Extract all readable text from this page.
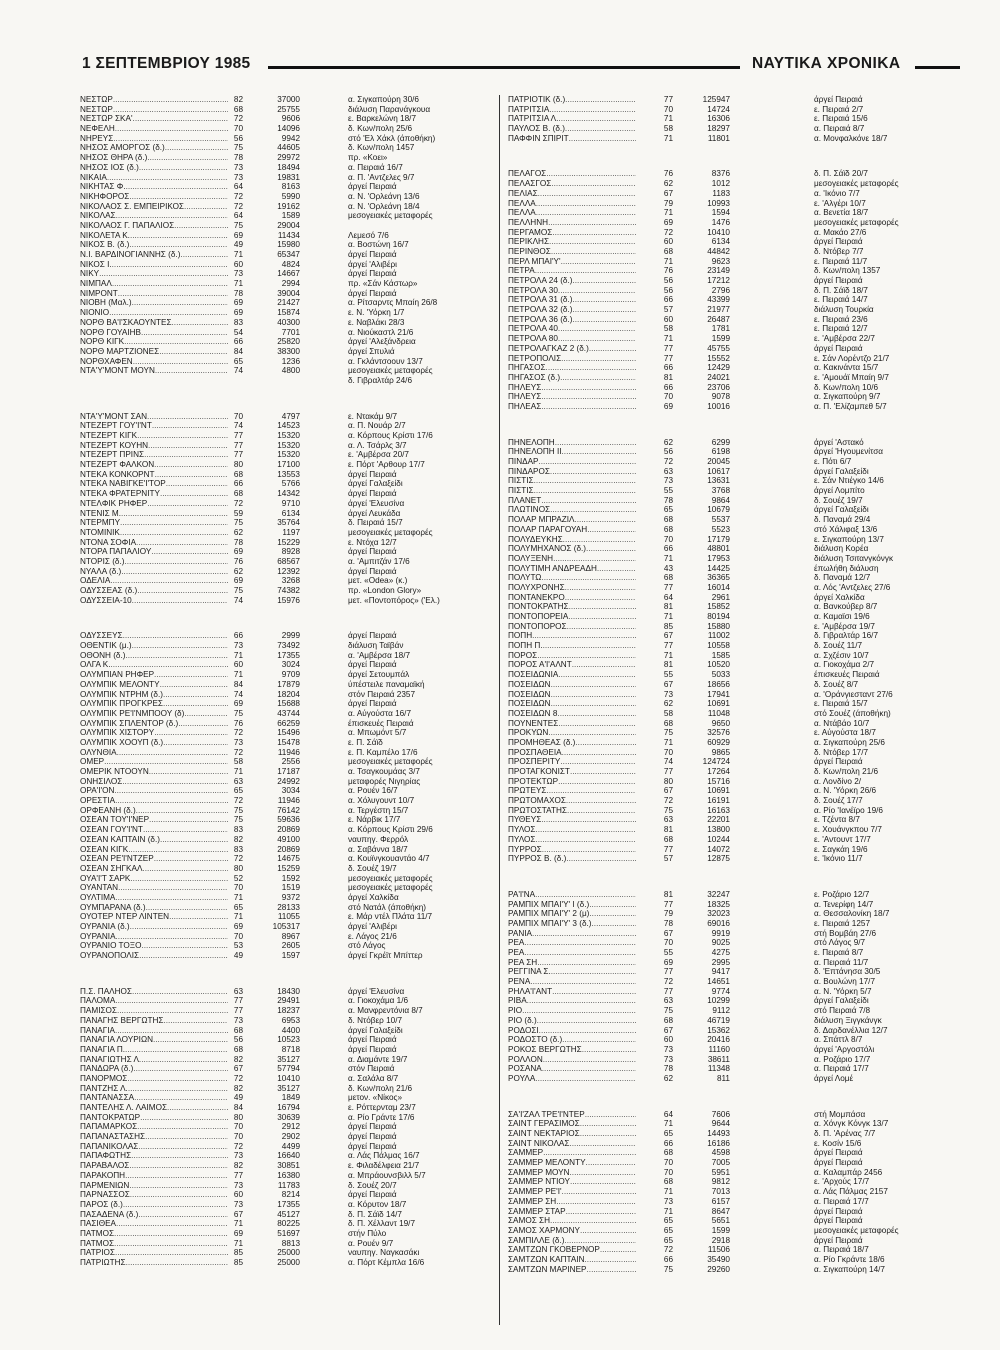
1 ΣΕΠΤΕΜΒΡΙΟΥ 1985	ΝΑΥΤΙΚΑ ΧΡΟΝΙΚΑ
ΝΕΣΤΩΡ .....	82	37000	α. Σιγκαπούρη 30/6
ΝΕΣΤΩΡ .....	68	25755	διάλυση Παρανάγκουα
ΝΕΣΤΩΡ ΣΚΑ' .....	72	9606	ε. Βαρκελώνη 18/7
ΝΕΦΕΛΗ .....	70	14096	δ. Κων/πολη 25/6
ΝΗΡΕΥΣ .....	56	9942	στό 'Ελ Χάκλ (άποθήκη)
ΝΗΣΟΣ ΑΜΟΡΓΟΣ (δ.) .....	75	44605	δ. Κων/πολη 1457
ΝΗΣΟΣ ΘΗΡΑ (δ.) .....	78	29972	πρ. «Κοει»
ΝΗΣΟΣ ΙΟΣ (δ.) .....	73	18494	α. Πειραιά 16/7
ΝΙΚΑΙΑ .....	73	19831	α. Π. 'Αντζελες 9/7
ΝΙΚΗΤΑΣ Φ. .....	64	8163	άργεί Πειραιά
ΝΙΚΗΦΟΡΟΣ .....	72	5990	α. Ν. 'Ορλεάνη 13/6
ΝΙΚΟΛΑΟΣ Σ. ΕΜΠΕΙΡΙΚΟΣ .....	72	19162	α. Ν. 'Ορλεάνη 18/4
ΝΙΚΟΛΑΣ .....	64	1589	μεσογειακές μεταφορές
ΝΙΚΟΛΑΟΣ Γ. ΠΑΠΑΛΙΟΣ .....	75	29004
ΝΙΚΟΛΕΤΑ Κ. .....	69	11434	Λεμεσό 7/6
ΝΙΚΟΣ Β. (δ.) .....	49	15980	α. Βοστώνη 16/7
Ν.Ι. ΒΑΡΔΙΝΟΓΙΑΝΝΗΣ (δ.) .....	71	65347	άργεί Πειραιά
ΝΙΚΟΣ Ι. .....	60	4824	άργεί 'Αλιβέρι
ΝΙΚΥ .....	73	14667	άργεί Πειραιά
ΝΙΜΠΑΛ .....	71	2994	πρ. «Σάν Κάστωρ»
ΝΙΜΡΟΝΤ .....	78	39004	άργεί Πειραιά
ΝΙΟΒΗ (Μαλ.) .....	69	21427	α. Ρίτσαρντς Μπαίη 26/8
ΝΙΟΝΙΟ .....	69	15874	ε. Ν. 'Υόρκη 1/7
ΝΟΡΘ ΒΑ'Ι'ΣΚΑΟΥΝΤΕΣ .....	83	40300	ε. Ναβλάκι 28/3
ΝΟΡΘ ΓΟΥΑΙΗΒ .....	54	7701	α. Νιούκαστλ 21/6
ΝΟΡΘ ΚΙΓΚ .....	66	25820	άργεί 'Αλεξάνδρεια
ΝΟΡΘ ΜΑΡΤΖΙΟΝΕΣ .....	84	38300	άργεί Σπυλιά
ΝΟΡΘΧΑΦΕΝ .....	65	1236	α. Γκλάντσοουν 13/7
ΝΤΑ'Υ'ΜΟΝΤ ΜΟΥΝ .....	74	4800	μεσογειακές μεταφορές
δ. Γιβραλτάρ 24/6
ΝΤΑ'Υ'ΜΟΝΤ ΣΑΝ .....	70	4797	ε. Ντακάμ 9/7
ΝΤΕΖΕΡΤ ΓΟΥ'Ι'ΝΤ .....	74	14523	α. Π. Νουάρ 2/7
ΝΤΕΖΕΡΤ ΚΙΓΚ .....	77	15320	α. Κόρπους Κρίστι 17/6
ΝΤΕΖΕΡΤ ΚΟΥΗΝ .....	77	15320	α. Λ. Τσάρλς 3/7
ΝΤΕΖΕΡΤ ΠΡΙΝΣ .....	77	15320	ε. 'Αμβέρσα 20/7
ΝΤΕΖΕΡΤ ΦΑΛΚΟΝ .....	80	17100	ε. Πόρτ 'Αρθουρ 17/7
ΝΤΕΚΑ ΚΟΝΚΟΡΝΤ .....	68	13553	άργεί Πειραιά
ΝΤΕΚΑ ΝΑΒΙΓΚΕ'Ι'ΤΟΡ .....	66	5766	άργεί Γαλαξείδι
ΝΤΕΚΑ ΦΡΑΤΕΡΝΙΤΥ .....	68	14342	άργεί Πειραιά
ΝΤΕΛΦΙΚ ΡΗΦΕΡ .....	72	9710	άργεί 'Ελευσίνα
ΝΤΕΝΙΣ Μ. .....	59	6134	άργεί Λευκάδα
ΝΤΕΡΜΠΥ .....	75	35764	δ. Πειραιά 15/7
ΝΤΟΜΙΝΙΚ .....	62	1197	μεσογειακές μεταφορές
ΝΤΟΝΑ ΣΟΦΙΑ .....	78	15229	ε. Ντόχα 12/7
ΝΤΟΡΑ ΠΑΠΑΛΙΟΥ .....	69	8928	άργεί Πειραιά
ΝΤΟΡΙΣ (δ.) .....	76	68567	α. 'Αμπιτζάν 17/6
ΝΥΑΛΑ (δ.) .....	62	12392	άργεί Πειραιά
ΟΔΕΛΙΑ .....	69	3268	μετ. «Οdea» (κ.)
ΟΔΥΣΣΕΑΣ (δ.) .....	75	74382	πρ. «London Glory»
ΟΔΥΣΣΕΙΑ-10 .....	74	15976	μετ. «Ποντοπόρος» ('Ελ.)
ΟΔΥΣΣΕΥΣ .....	66	2999	άργεί Πειραιά
ΟΘΕΝΤΙΚ (μ.) .....	73	73492	διάλυση Ταϊβάν
ΟΘΟΝΗ (δ.) .....	71	17355	α. 'Αμβέρσα 18/7
ΟΛΓΑ Κ. .....	60	3024	άργεί Πειραιά
ΟΛΥΜΠΙΑΝ ΡΗΦΕΡ .....	71	9709	άργεί Σετουμπάλ
ΟΛΥΜΠΙΚ ΜΕΛΟΝΤΥ .....	84	17879	ύπέστειλε παναμαϊκή
ΟΛΥΜΠΙΚ ΝΤΡΗΜ (δ.) .....	74	18204	στόν Πειραιά 2357
ΟΛΥΜΠΙΚ ΠΡΟΓΚΡΕΣ .....	69	15688	άργεί Πειραιά
ΟΛΥΜΠΙΚ ΡΕ'Ι'ΝΜΠΟΟΥ (δ) .....	75	43744	α. Αύγούστα 16/7
ΟΛΥΜΠΙΚ ΣΠΛΕΝΤΟΡ (δ.) .....	76	66259	έπισκευές Πειραιά
ΟΛΥΜΠΙΚ ΧΙΣΤΟΡΥ .....	72	15496	α. Μπωμόντ 5/7
ΟΛΥΜΠΙΚ ΧΟΟΥΠ (δ.) .....	73	15478	ε. Π. Σάϊδ
ΟΛΥΝΘΙΑ .....	72	11946	ε. Π. Καμπέλο 17/6
ΟΜΕΡ .....	58	2556	μεσογειακές μεταφορές
ΟΜΕΡΙΚ ΝΤΟΟΥΝ .....	71	17187	α. Τσαγκουμάας 3/7
ΟΝΗΣΙΛΟΣ .....	63	24992	μεταφορές Νιγηρίας
ΟΡΑ'Ι'ΟΝ .....	65	3034	α. Ρουέν 16/7
ΟΡΕΣΤΙΑ .....	72	11946	α. Χόλυγουντ 10/7
ΟΡΦΕΑΝΗ (δ.) .....	75	76142	α. Τεργέστη 15/7
ΟΣΕΑΝ ΤΟΥ'Ι'ΝΕΡ .....	75	59636	ε. Νάρβικ 17/7
ΟΣΕΑΝ ΓΟΥ'Ι'ΝΤ .....	83	20869	α. Κόρπους Κρίστι 29/6
ΟΣΕΑΝ ΚΑΠΤΑΙΝ (δ.) .....	82	49100	ναυπηγ. Φερρόλ
ΟΣΕΑΝ ΚΙΓΚ .....	83	20869	α. Σαβάννα 18/7
ΟΣΕΑΝ ΡΕ'Ι'ΝΤΖΕΡ .....	72	14675	α. Κουϊνγκουαντάο 4/7
ΟΣΕΑΝ ΣΗΓΚΑΛ .....	80	15259	δ. Σουέζ 19/7
ΟΥΑ'Ι'Τ ΣΑΡΚ .....	52	1592	μεσογειακές μεταφορές
ΟΥΑΝΤΑΝ .....	70	1519	μεσογειακές μεταφορές
ΟΥΛΤΙΜΑ .....	71	9372	άργεί Χαλκίδα
ΟΥΜΠΑΡΑΝΑ (δ.) .....	65	28133	στό Νατάλ (άποθήκη)
ΟΥΟΤΕΡ ΝΤΕΡ ΛΙΝΤΕΝ .....	71	11055	ε. Μάρ ντέλ Πλάτα 11/7
ΟΥΡΑΝΙΑ (δ.) .....	69	105317	άργεί 'Αλιβέρι
ΟΥΡΑΝΙΑ .....	70	8967	ε. Λάγος 21/6
ΟΥΡΑΝΙΟ ΤΟΞΟ .....	53	2605	στό Λάγος
ΟΥΡΑΝΟΠΟΛΙΣ .....	49	1597	άργεί Γκρέϊτ Μπίττερ
Π.Σ. ΠΑΛΗΟΣ .....	63	18430	άργεί 'Ελευσίνα
ΠΑΛΟΜΑ .....	77	29491	α. Γιοκοχάμα 1/6
ΠΑΜΙΣΟΣ .....	77	18237	α. Μανφρεντόνια 8/7
ΠΑΝΑΓΗΣ ΒΕΡΓΩΤΗΣ .....	73	6953	δ. Ντόβερ 10/7
ΠΑΝΑΓΙΑ .....	68	4400	άργεί Γαλαξείδι
ΠΑΝΑΓΙΑ ΛΟΥΡΙΩΝ .....	56	10523	άργεί Πειραιά
ΠΑΝΑΓΙΑ Π. .....	68	8718	άργεί Πειραιά
ΠΑΝΑΓΙΩΤΗΣ Λ. .....	82	35127	α. Διαμάντε 19/7
ΠΑΝΔΩΡΑ (δ.) .....	67	57794	στόν Πειραιά
ΠΑΝΟΡΜΟΣ .....	72	10410	α. Σαλάλα 8/7
ΠΑΝΤΖΗΣ Λ. .....	82	35127	δ. Κων/πολη 21/6
ΠΑΝΤΑΝΑΣΣΑ .....	49	1849	μετον. «Νίκος»
ΠΑΝΤΕΛΗΣ Λ. ΛΑΙΜΟΣ .....	84	16794	ε. Ρόττερνταμ 23/7
ΠΑΝΤΟΚΡΑΤΩΡ .....	80	30639	α. Ρίο Γράντε 17/6
ΠΑΠΑΜΑΡΚΟΣ .....	70	2912	άργεί Πειραιά
ΠΑΠΑΝΑΣΤΑΣΗΣ .....	70	2902	άργεί Πειραιά
ΠΑΠΑΝΙΚΟΛΑΣ .....	72	4499	άργεί Πειραιά
ΠΑΠΑΦΩΤΗΣ .....	73	16640	α. Λάς Πάλμας 16/7
ΠΑΡΑΒΑΛΟΣ .....	82	30851	ε. Φιλαδέλφεια 21/7
ΠΑΡΑΚΟΠΗ .....	77	16380	α. Μπράουνσβιλλ 5/7
ΠΑΡΜΕΝΙΩΝ .....	73	11783	δ. Σουέζ 20/7
ΠΑΡΝΑΣΣΟΣ .....	60	8214	άργεί Πειραιά
ΠΑΡΟΣ (δ.) .....	73	17355	α. Κόρυτον 18/7
ΠΑΣΑΔΕΝΑ (δ.) .....	67	45127	δ. Π. Σάϊδ 14/7
ΠΑΣΙΘΕΑ .....	71	80225	δ. Π. Χέλλαντ 19/7
ΠΑΤΜΟΣ .....	69	51697	στήν Πύλο
ΠΑΤΜΟΣ .....	71	8813	α. Ρουέν 9/7
ΠΑΤΡΙΟΣ .....	85	25000	ναυπηγ. Ναγκασάκι
ΠΑΤΡΙΩΤΗΣ .....	85	25000	α. Πόρτ Κέμπλα 16/6
ΠΑΤΡΙΟΤΙΚ (δ.) .....	77	125947	άργεί Πειραιά
ΠΑΤΡΙΤΣΙΑ .....	70	14724	ε. Πειραιά 2/7
ΠΑΤΡΙΤΣΙΑ Λ. .....	71	16306	ε. Πειραιά 15/6
ΠΑΥΛΟΣ Β. (δ.) .....	58	18297	α. Πειραιά 8/7
ΠΑΦΦΙΝ ΣΠΙΡΙΤ .....	71	11801	α. Μονφαλκόνε 18/7
ΠΕΛΑΓΟΣ .....	76	8376	δ. Π. Σάϊδ 20/7
ΠΕΛΑΣΓΟΣ .....	62	1012	μεσογειακές μεταφορές
ΠΕΛΙΑΣ .....	67	1183	α. 'Ικόνιο 7/7
ΠΕΛΛΑ .....	79	10993	ε. 'Αλγέρι 10/7
ΠΕΛΛΑ .....	71	1594	α. Βενετία 18/7
ΠΕΛΛΗΝΗ .....	69	1476	μεσογειακές μεταφορές
ΠΕΡΓΑΜΟΣ .....	72	10410	α. Μακάο 27/6
ΠΕΡΙΚΛΗΣ .....	60	6134	άργεί Πειραιά
ΠΕΡΙΝΘΟΣ .....	68	44842	δ. Ντόβερ 7/7
ΠΕΡΛ ΜΠΑΙ'Υ' .....	71	9623	ε. Πειραιά 11/7
ΠΕΤΡΑ .....	76	23149	δ. Κων/πολη 1357
ΠΕΤΡΟΛΑ 24 (δ.) .....	56	17212	άργεί Πειραιά
ΠΕΤΡΟΛΑ 30 .....	56	2796	δ. Π. Σάϊδ 18/7
ΠΕΤΡΟΛΑ 31 (δ.) .....	66	43399	ε. Πειραιά 14/7
ΠΕΤΡΟΛΑ 32 (δ.) .....	57	21977	διάλυση Τουρκία
ΠΕΤΡΟΛΑ 36 (δ.) .....	60	26487	ε. Πειραιά 23/6
ΠΕΤΡΟΛΑ 40 .....	58	1781	ε. Πειραιά 12/7
ΠΕΤΡΟΛΑ 80 .....	71	1599	ε. 'Αμβέρσα 22/7
ΠΕΤΡΟΛΑΓΚΑΖ 2 (δ.) .....	77	45755	άργεί Πειραιά
ΠΕΤΡΟΠΟΛΙΣ .....	77	15552	ε. Σάν Λορέντζο 21/7
ΠΗΓΑΣΟΣ .....	66	12429	α. Κακινάντα 15/7
ΠΗΓΑΣΟΣ (δ.) .....	81	24021	ε. 'Αμουάϊ Μπαίη 9/7
ΠΗΛΕΥΣ .....	66	23706	δ. Κων/πολη 10/6
ΠΗΛΕΥΣ .....	70	9078	α. Σιγκαπούρη 9/7
ΠΗΛΕΑΣ .....	69	10016	α. Π. 'Ελίζαμπεθ 5/7
ΠΗΝΕΛΟΠΗ .....	62	6299	άργεί 'Αστακό
ΠΗΝΕΛΟΠΗ ΙΙ .....	56	6198	άργεί 'Ηγουμενίτσα
ΠΙΝΔΑΡ .....	72	20045	ε. Πότι 6/7
ΠΙΝΔΑΡΟΣ .....	63	10617	άργεί Γαλαξείδι
ΠΙΣΤΙΣ .....	73	13631	ε. Σάν Ντιέγκο 14/6
ΠΙΣΤΙΣ .....	55	3768	άργεί Λομπίτο
ΠΛΑΝΕΤ .....	78	9864	δ. Σουέζ 19/7
ΠΛΩΤΙΝΟΣ .....	65	10679	άργεί Γαλαξείδι
ΠΟΛΑΡ ΜΠΡΑΖΙΛ .....	68	5537	δ. Παναμά 29/4
ΠΟΛΑΡ ΠΑΡΑΓΟΥΑΗ .....	68	5523	στό Χάλιφαξ 13/6
ΠΟΛΥΔΕΥΚΗΣ .....	70	17179	ε. Σιγκαπούρη 13/7
ΠΟΛΥΜΗΧΑΝΟΣ (δ.) .....	66	48801	διάλυση Κορέα
ΠΟΛΥΞΕΝΗ .....	71	17953	διάλυση Τσιτανγκόνγκ
ΠΟΛΥΤΙΜΗ ΑΝΔΡΕΑΔΗ .....	43	14425	έπωλήθη διάλυση
ΠΟΛΥΤΩ .....	68	36365	δ. Παναμά 12/7
ΠΟΛΥΧΡΟΝΗΣ .....	77	16014	α. Λός 'Αντζελες 27/6
ΠΟΝΤΑΝΕΚΡΟ .....	64	2961	άργεί Χαλκίδα
ΠΟΝΤΟΚΡΑΤΗΣ .....	81	15852	α. Βανκούβερ 8/7
ΠΟΝΤΟΠΟΡΕΙΑ .....	71	80194	α. Καμαϊσι 19/6
ΠΟΝΤΟΠΟΡΟΣ .....	85	15880	ε. 'Αμβέρσα 19/7
ΠΟΠΗ .....	67	11002	δ. Γιβραλτάρ 16/7
ΠΟΠΗ Π. .....	77	10558	δ. Σουέζ 11/7
ΠΟΡΟΣ .....	71	1585	α. Σχζέσιν 10/7
ΠΟΡΟΣ Α'Ι'ΑΛΝΤ .....	81	10520	α. Γιοκοχάμα 2/7
ΠΟΣΕΙΔΩΝΙΑ .....	55	5033	έπισκευές Πειραιά
ΠΟΣΕΙΔΩΝ .....	67	18656	δ. Σουέζ 8/7
ΠΟΣΕΙΔΩΝ .....	73	17941	α. 'Οράνγιεσταντ 27/6
ΠΟΣΕΙΔΩΝ .....	62	10691	ε. Πειραιά 15/7
ΠΟΣΕΙΔΩΝ 8 .....	58	11048	στό Σουέζ (άποθήκη)
ΠΟΥΝΕΝΤΕΣ .....	68	9650	α. Ντάβάο 10/7
ΠΡΟΚΥΩΝ .....	75	32576	ε. Αύγούστα 18/7
ΠΡΟΜΗΘΕΑΣ (δ.) .....	71	60929	α. Σιγκαπούρη 25/6
ΠΡΟΣΠΑΘΕΙΑ .....	70	9865	δ. Ντόβερ 17/7
ΠΡΟΣΠΕΡΙΤΥ .....	74	124724	άργεί Πειραιά
ΠΡΟΤΑΓΚΟΝΙΣΤ .....	77	17264	δ. Κων/πολη 21/6
ΠΡΟΤΕΚΤΩΡ .....	80	15716	α. Λονδίνο 2/
ΠΡΩΤΕΥΣ .....	67	10691	α. Ν. 'Υόρκη 26/6
ΠΡΩΤΟΜΑΧΟΣ .....	72	16191	δ. Σουέζ 17/7
ΠΡΩΤΟΣΤΑΤΗΣ .....	75	16163	α. Ρίο 'Ιανέϊρο 19/6
ΠΥΘΕΥΣ .....	63	22201	ε. Τζέντα 8/7
ΠΥΛΟΣ .....	81	13800	ε. Χουάνγκπου 7/7
ΠΥΛΟΣ .....	68	10244	ε. 'Αντουντ 17/7
ΠΥΡΡΟΣ .....	77	14072	ε. Σαγκάη 19/6
ΠΥΡΡΟΣ Β. (δ.) .....	57	12875	ε. 'Ικόνιο 11/7
ΡΑ'Ι'ΝΑ .....	81	32247	ε. Ροζάριο 12/7
ΡΑΜΠΙΧ ΜΠΑΙ'Υ' Ι (δ.) .....	77	18325	α. Τενερίφη 14/7
ΡΑΜΠΙΧ ΜΠΑΙ'Υ' 2 (μ) .....	79	32023	α. Θεσσαλονίκη 18/7
ΡΑΜΠΙΧ ΜΠΑΙ'Υ' 3 (δ.) .....	78	69016	ε. Πειραιά 1257
ΡΑΝΙΑ .....	67	9919	στή Βομβάη 27/6
ΡΕΑ .....	70	9025	στό Λάγος 9/7
ΡΕΑ .....	55	4275	ε. Πειραιά 8/7
ΡΕΑ ΣΗ .....	69	2995	α. Πειραιά 11/7
ΡΕΓΓΙΝΑ Σ. .....	77	9417	δ. 'Επτάνησα 30/5
ΡΕΝΑ .....	72	14651	α. Βουλώνη 17/7
ΡΗΛΑ'Ι'ΑΝΤ .....	77	9774	α. Ν. 'Υόρκη 5/7
ΡΙΒΑ .....	63	10299	άργεί Γαλαξείδι
ΡΙΟ .....	75	9112	στό Πειραιά 7/8
ΡΙΟ (δ.) .....	68	46719	διάλυση Ξιγγκάνγκ
ΡΟΔΟΣΙ .....	67	15362	δ. Δαρδανέλλια 12/7
ΡΟΔΟΣΤΟ (δ.) .....	60	20416	α. Σπάττλ 8/7
ΡΟΚΟΣ ΒΕΡΓΩΤΗΣ .....	73	11160	άργεί 'Αργοστόλι
ΡΟΛΛΟΝ .....	73	38611	α. Ροζάριο 17/7
ΡΟΣΑΝΑ .....	78	11348	α. Πειραιά 17/7
ΡΟΥΛΑ .....	62	811	άργεί Λομέ
ΣΑ'Ι'ΖΑΛ ΤΡΕ'Ι'ΝΤΕΡ .....	64	7606	στή Μομπάσα
ΣΑΙΝΤ ΓΕΡΑΣΙΜΟΣ .....	71	9644	α. Χόνγκ Κόνγκ 13/7
ΣΑΙΝΤ ΝΕΚΤΑΡΙΟΣ .....	65	14493	δ. Π. 'Αρένας 7/7
ΣΑΙΝΤ ΝΙΚΟΛΑΣ .....	66	16186	ε. Κοσίν 15/6
ΣΑΜΜΕΡ .....	68	4598	άργεί Πειραιά
ΣΑΜΜΕΡ ΜΕΛΟΝΤΥ .....	70	7005	άργεί Πειραιά
ΣΑΜΜΕΡ ΜΟΥΝ .....	70	5951	α. Καλαμπάρ 2456
ΣΑΜΜΕΡ ΝΤΙΟΥ .....	68	9812	ε. 'Αρχούς 17/7
ΣΑΜΜΕΡ ΡΕ'Ι' .....	71	7013	α. Λάς Πάλμας 2157
ΣΑΜΜΕΡ ΣΗ .....	73	6157	α. Πειραιά 17/7
ΣΑΜΜΕΡ ΣΤΑΡ .....	71	8647	άργεί Πειραιά
ΣΑΜΟΣ ΣΗ .....	65	5651	άργεί Πειραιά
ΣΑΜΟΣ ΧΑΡΜΟΝΥ .....	65	1599	μεσογειακές μεταφορές
ΣΑΜΠΙΛΛΕ (δ.) .....	65	2918	άργεί Πειραιά
ΣΑΜΤΖΩΝ ΓΚΟΒΕΡΝΟΡ .....	72	11506	α. Πειραιά 18/7
ΣΑΜΤΖΩΝ ΚΑΠΤΑΙΝ .....	66	35490	α. Ρίο Γκράντε 18/6
ΣΑΜΤΖΩΝ ΜΑΡΙΝΕΡ .....	75	29260	α. Σιγκαπούρη 14/7
